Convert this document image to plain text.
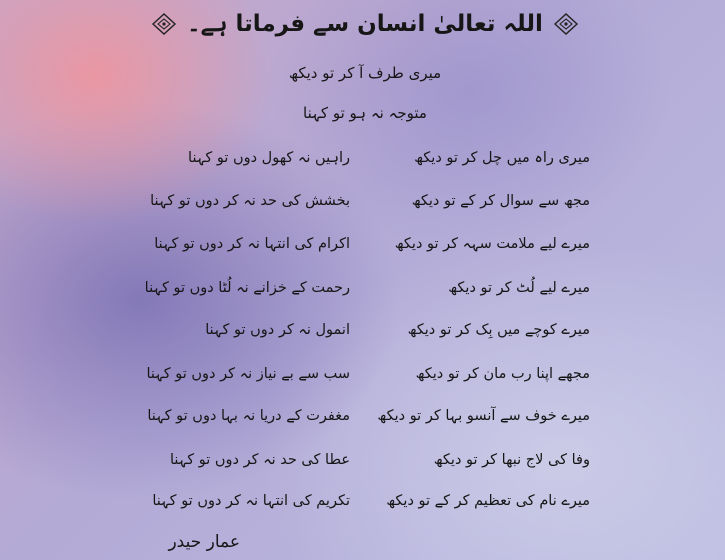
اللہ تعالیٰ انسان سے فرماتا ہے۔
میری طرف آ کر تو دیکھ
متوجہ نہ ہو تو کہنا
میری راہ میں چل کر تو دیکھ
راہیں نہ کھول دوں تو کہنا
مجھ سے سوال کر کے تو دیکھ
بخشش کی حد نہ کر دوں تو کہنا
میرے لیے ملامت سہہ کر تو دیکھ
اکرام کی انتہا نہ کر دوں تو کہنا
میرے لیے لُٹ کر تو دیکھ
رحمت کے خزانے نہ لُٹا دوں تو کہنا
میرے کوچے میں بِک کر تو دیکھ
انمول نہ کر دوں تو کہنا
مجھے اپنا رب مان کر تو دیکھ
سب سے بے نیاز نہ کر دوں تو کہنا
میرے خوف سے آنسو بہا کر تو دیکھ
مغفرت کے دریا نہ بہا دوں تو کہنا
وفا کی لاج نبھا کر تو دیکھ
عطا کی حد نہ کر دوں تو کہنا
میرے نام کی تعظیم کر کے تو دیکھ
تکریم کی انتہا نہ کر دوں تو کہنا
عمار حیدر
